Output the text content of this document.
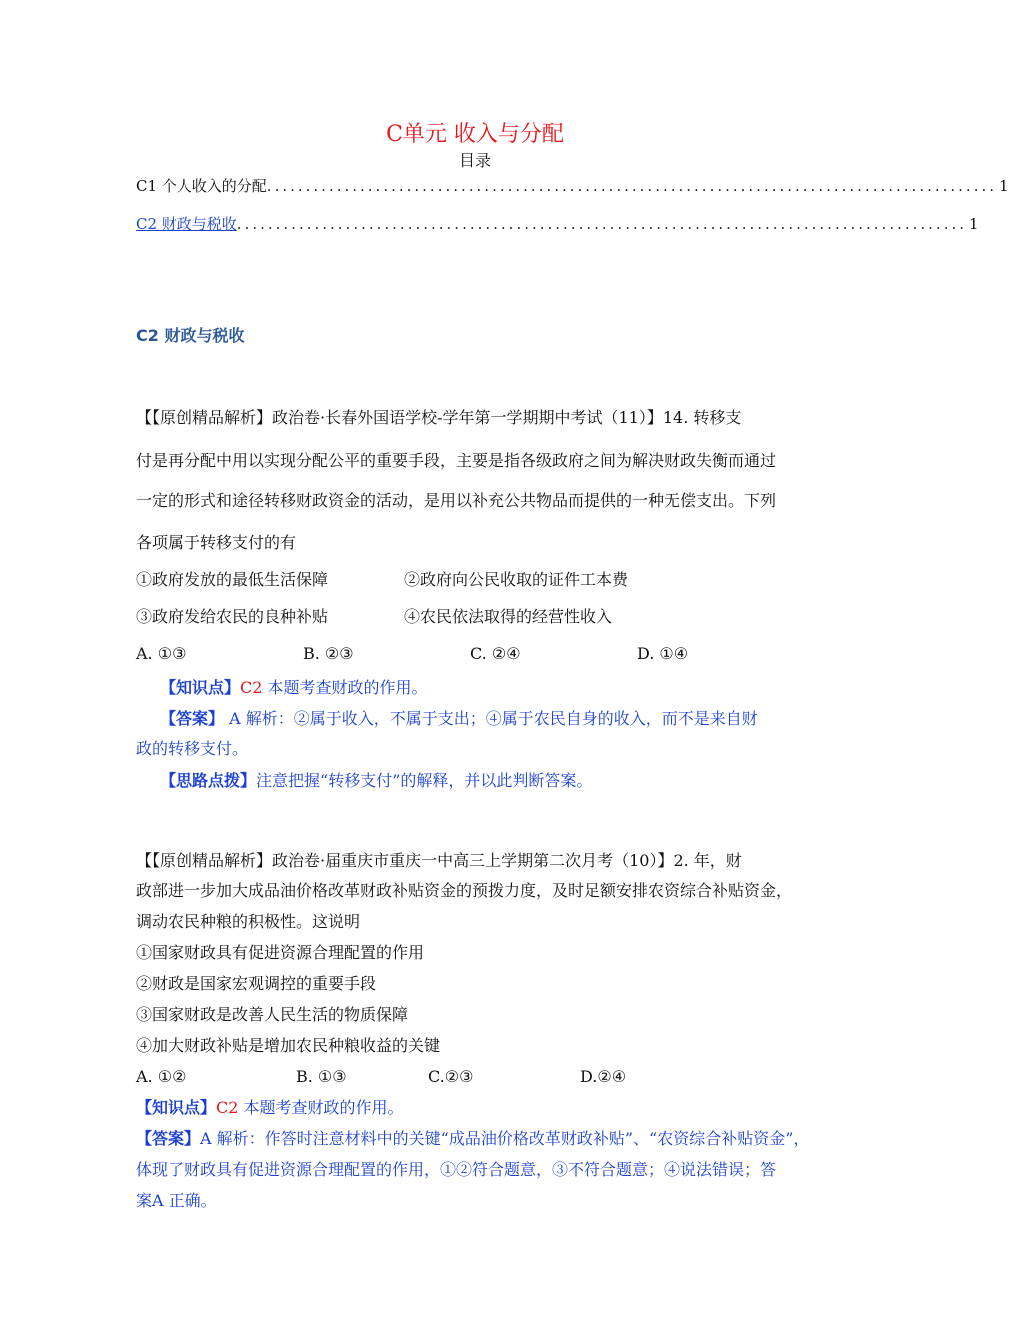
C单元 收入与分配
目录
C1 个人收入的分配 .............................................................................................. 1
C2 财政与税收 .............................................................................................. 1
C2 财政与税收
【【原创精品解析】政治卷·长春外国语学校-学年第一学期期中考试（11）】14. 转移支
付是再分配中用以实现分配公平的重要手段，主要是指各级政府之间为解决财政失衡而通过
一定的形式和途径转移财政资金的活动，是用以补充公共物品而提供的一种无偿支出。下列
各项属于转移支付的有
①政府发放的最低生活保障	②政府向公民收取的证件工本费
③政府发给农民的良种补贴	④农民依法取得的经营性收入
A. ①③	B. ②③	C. ②④	D. ①④
【知识点】C2 本题考查财政的作用。
【答案】 A 解析：②属于收入，不属于支出；④属于农民自身的收入，而不是来自财
政的转移支付。
【思路点拨】注意把握“转移支付”的解释，并以此判断答案。
【【原创精品解析】政治卷·届重庆市重庆一中高三上学期第二次月考（10）】2. 年，财
政部进一步加大成品油价格改革财政补贴资金的预拨力度，及时足额安排农资综合补贴资金，
调动农民种粮的积极性。这说明
①国家财政具有促进资源合理配置的作用
②财政是国家宏观调控的重要手段
③国家财政是改善人民生活的物质保障
④加大财政补贴是增加农民种粮收益的关键
A. ①②	B. ①③	C.②③	D.②④
【知识点】C2 本题考查财政的作用。
【答案】A 解析：作答时注意材料中的关键“成品油价格改革财政补贴”、“农资综合补贴资金”，
体现了财政具有促进资源合理配置的作用，①②符合题意，③不符合题意；④说法错误；答
案A 正确。
